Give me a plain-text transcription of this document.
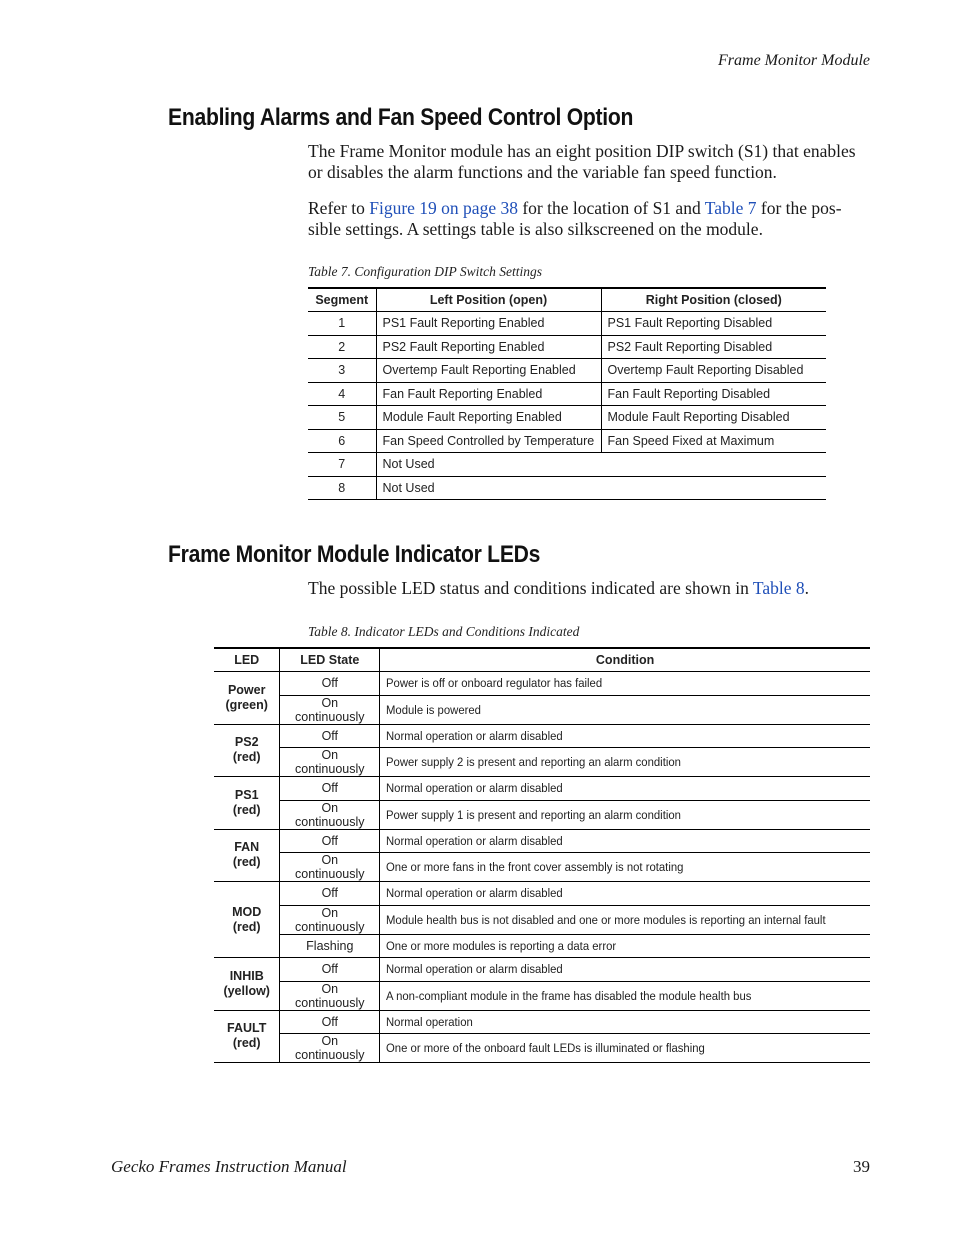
Frame Monitor Module
Enabling Alarms and Fan Speed Control Option

The Frame Monitor module has an eight position DIP switch (S1) that enables or disables the alarm functions and the variable fan speed function.

Refer to Figure 19 on page 38 for the location of S1 and Table 7 for the pos-sible settings. A settings table is also silkscreened on the module.

Table 7. Configuration DIP Switch Settings

Segment	Left Position (open)	Right Position (closed)
1	PS1 Fault Reporting Enabled	PS1 Fault Reporting Disabled
2	PS2 Fault Reporting Enabled	PS2 Fault Reporting Disabled
3	Overtemp Fault Reporting Enabled	Overtemp Fault Reporting Disabled
4	Fan Fault Reporting Enabled	Fan Fault Reporting Disabled
5	Module Fault Reporting Enabled	Module Fault Reporting Disabled
6	Fan Speed Controlled by Temperature	Fan Speed Fixed at Maximum
7	Not Used	
8	Not Used	
Frame Monitor Module Indicator LEDs

The possible LED status and conditions indicated are shown in Table 8.

Table 8. Indicator LEDs and Conditions Indicated

LED	LED State	Condition

Power
(green)	Off	Power is off or onboard regulator has failed
	On continuously	Module is powered

PS2
(red)	Off	Normal operation or alarm disabled
	On continuously	Power supply 2 is present and reporting an alarm condition

PS1
(red)	Off	Normal operation or alarm disabled
	On continuously	Power supply 1 is present and reporting an alarm condition

FAN
(red)	Off	Normal operation or alarm disabled
	On continuously	One or more fans in the front cover assembly is not rotating

MOD
(red)	Off	Normal operation or alarm disabled
	On continuously	Module health bus is not disabled and one or more modules is reporting an internal fault
	Flashing	One or more modules is reporting a data error

INHIB
(yellow)	Off	Normal operation or alarm disabled
	On continuously	A non-compliant module in the frame has disabled the module health bus

FAULT
(red)	Off	Normal operation
	On continuously	One or more of the onboard fault LEDs is illuminated or flashing
Gecko Frames Instruction Manual	39
